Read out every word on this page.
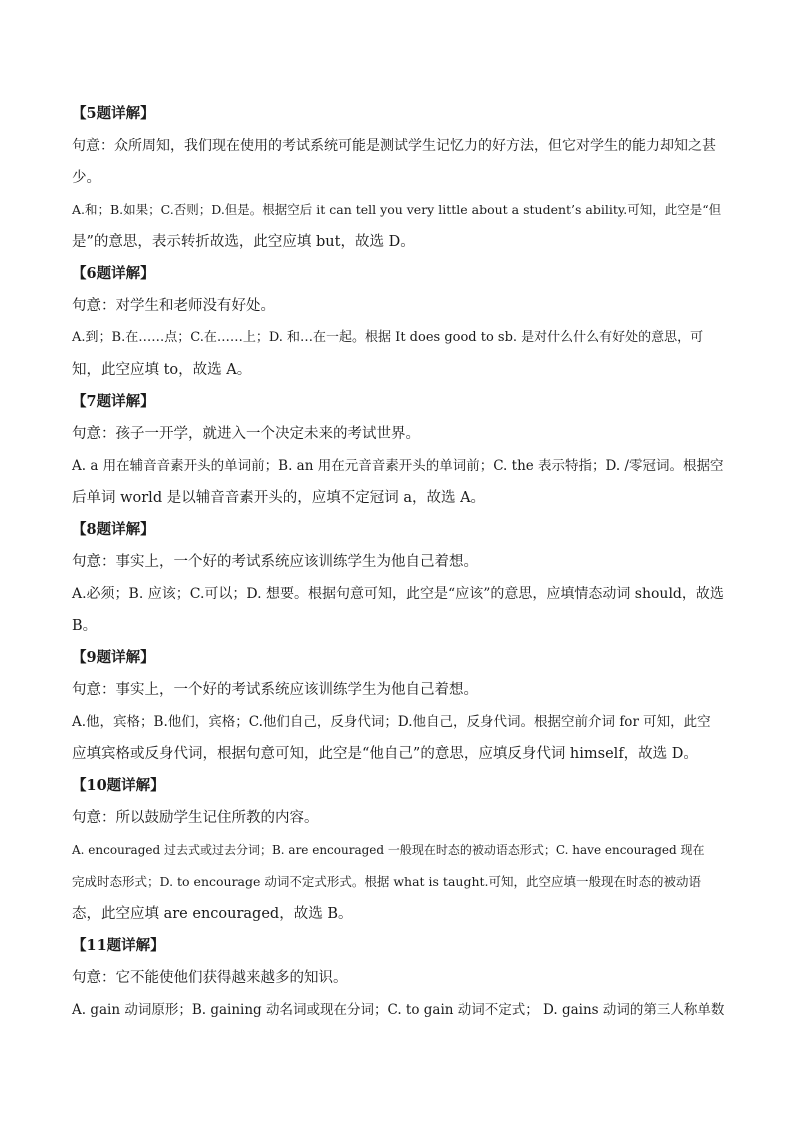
【5题详解】
句意：众所周知，我们现在使用的考试系统可能是测试学生记忆力的好方法，但它对学生的能力却知之甚
少。
A.和；B.如果；C.否则；D.但是。根据空后 it can tell you very little about a student’s ability.可知，此空是“但
是”的意思，表示转折故选，此空应填 but，故选 D。
【6题详解】
句意：对学生和老师没有好处。
A.到；B.在……点；C.在……上；D. 和…在一起。根据 It does good to sb. 是对什么什么有好处的意思，可
知，此空应填 to，故选 A。
【7题详解】
句意：孩子一开学，就进入一个决定未来的考试世界。
A. a 用在辅音音素开头的单词前；B. an 用在元音音素开头的单词前；C. the 表示特指；D. /零冠词。根据空
后单词 world 是以辅音音素开头的，应填不定冠词 a，故选 A。
【8题详解】
句意：事实上，一个好的考试系统应该训练学生为他自己着想。
A.必须；B. 应该；C.可以；D. 想要。根据句意可知，此空是“应该”的意思，应填情态动词 should，故选
B。
【9题详解】
句意：事实上，一个好的考试系统应该训练学生为他自己着想。
A.他，宾格；B.他们，宾格；C.他们自己，反身代词；D.他自己，反身代词。根据空前介词 for 可知，此空
应填宾格或反身代词，根据句意可知，此空是“他自己”的意思，应填反身代词 himself，故选 D。
【10题详解】
句意：所以鼓励学生记住所教的内容。
A. encouraged 过去式或过去分词；B. are encouraged 一般现在时态的被动语态形式；C. have encouraged 现在
完成时态形式；D. to encourage 动词不定式形式。根据 what is taught.可知，此空应填一般现在时态的被动语
态，此空应填 are encouraged，故选 B。
【11题详解】
句意：它不能使他们获得越来越多的知识。
A. gain 动词原形；B. gaining 动名词或现在分词；C. to gain 动词不定式； D. gains 动词的第三人称单数
